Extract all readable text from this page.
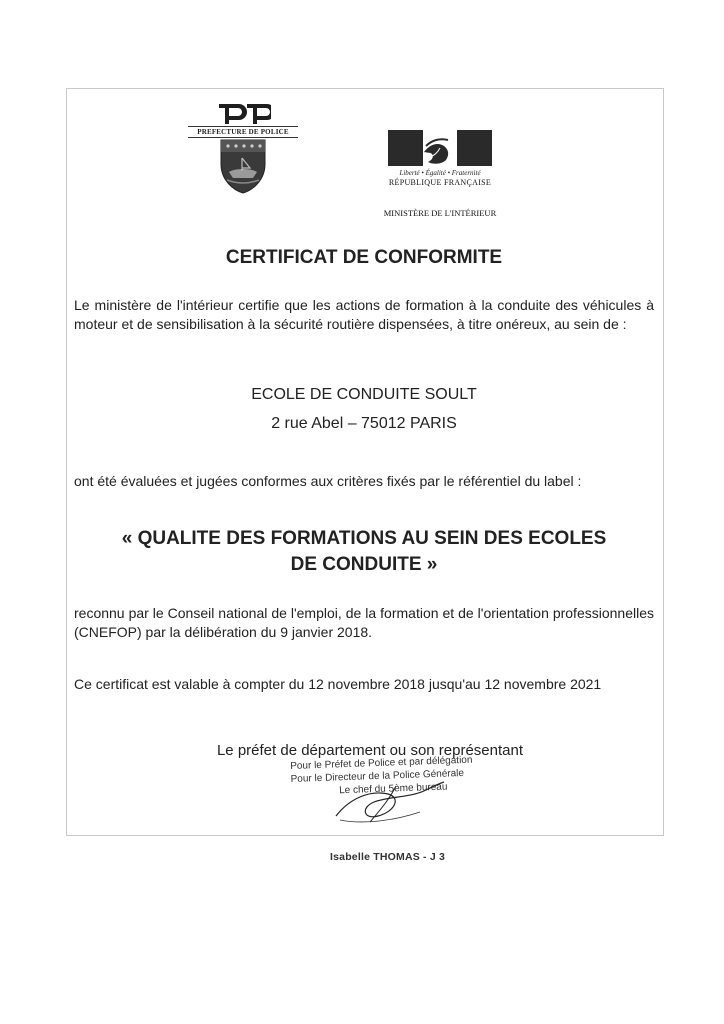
PREFECTURE DE POLICE
Liberté • Égalité • Fraternité
RÉPUBLIQUE FRANÇAISE
MINISTÈRE DE L'INTÉRIEUR
CERTIFICAT DE CONFORMITE
Le ministère de l'intérieur certifie que les actions de formation à la conduite des véhicules à moteur et de sensibilisation à la sécurité routière dispensées, à titre onéreux, au sein de :
ECOLE DE CONDUITE SOULT
2 rue Abel – 75012 PARIS
ont été évaluées et jugées conformes aux critères fixés par le référentiel du label :
« QUALITE DES FORMATIONS AU SEIN DES ECOLES
DE CONDUITE »
reconnu par le Conseil national de l'emploi, de la formation et de l'orientation professionnelles (CNEFOP) par la délibération du 9 janvier 2018.
Ce certificat est valable à compter du 12 novembre 2018 jusqu'au 12 novembre 2021
Le préfet de département ou son représentant
Pour le Préfet de Police et par délégation
Pour le Directeur de la Police Générale
Le chef du 5ème bureau
Isabelle THOMAS - J 3
